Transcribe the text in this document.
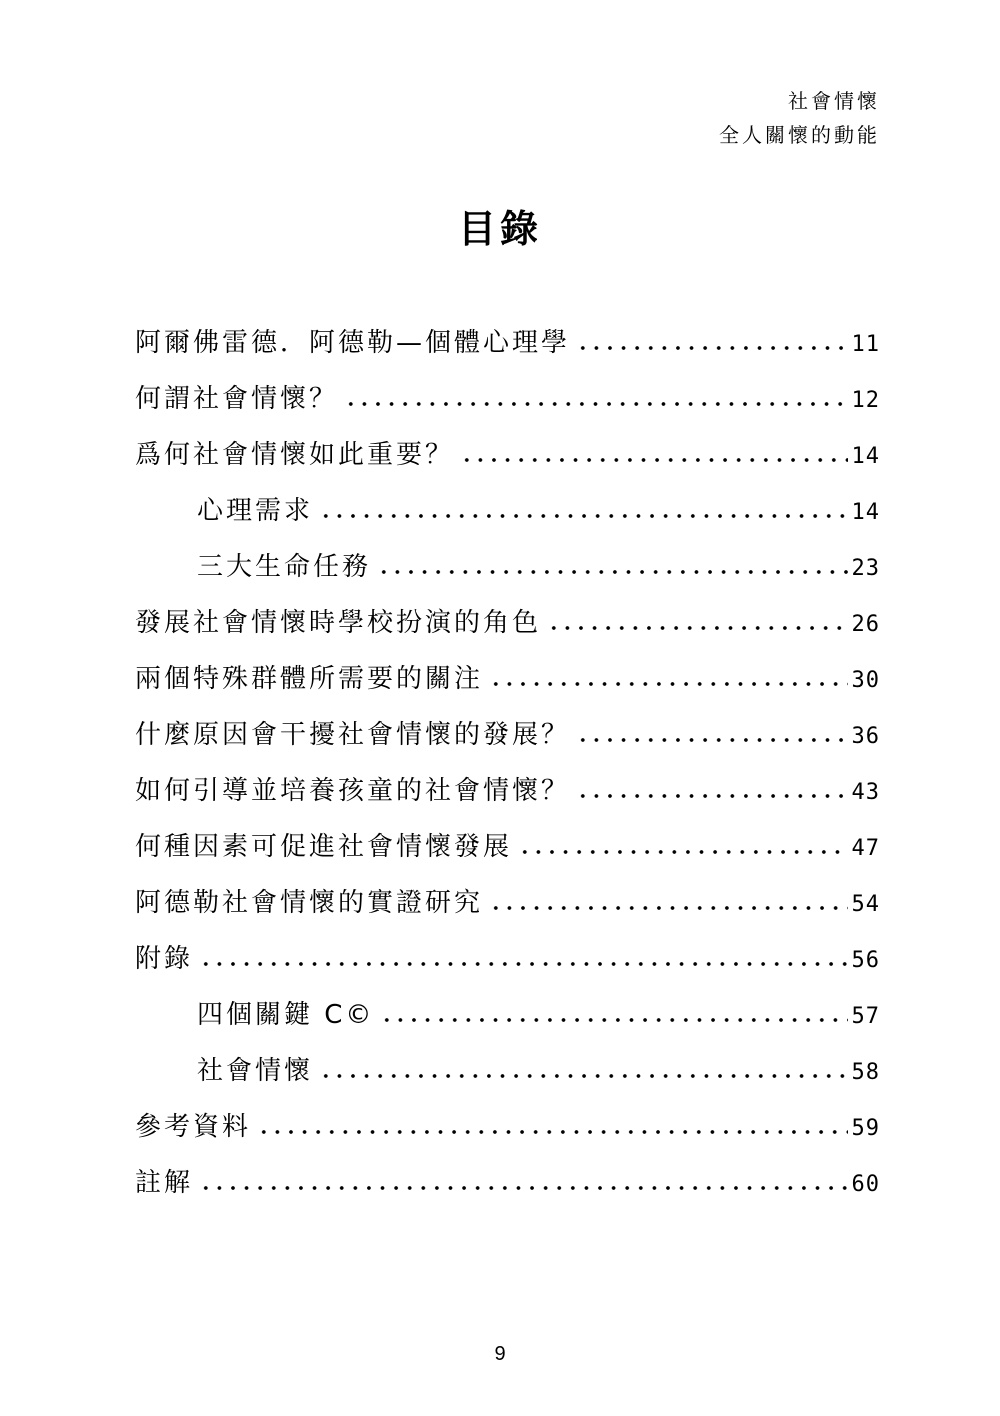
社會情懷
全人關懷的動能
目錄
阿爾佛雷德．阿德勒—個體心理學	11
何謂社會情懷？	12
爲何社會情懷如此重要？	14
心理需求	14
三大生命任務	23
發展社會情懷時學校扮演的角色	26
兩個特殊群體所需要的關注	30
什麼原因會干擾社會情懷的發展？	36
如何引導並培養孩童的社會情懷？	43
何種因素可促進社會情懷發展	47
阿德勒社會情懷的實證研究	54
附錄	56
四個關鍵 C©	57
社會情懷	58
參考資料	59
註解	60
9
